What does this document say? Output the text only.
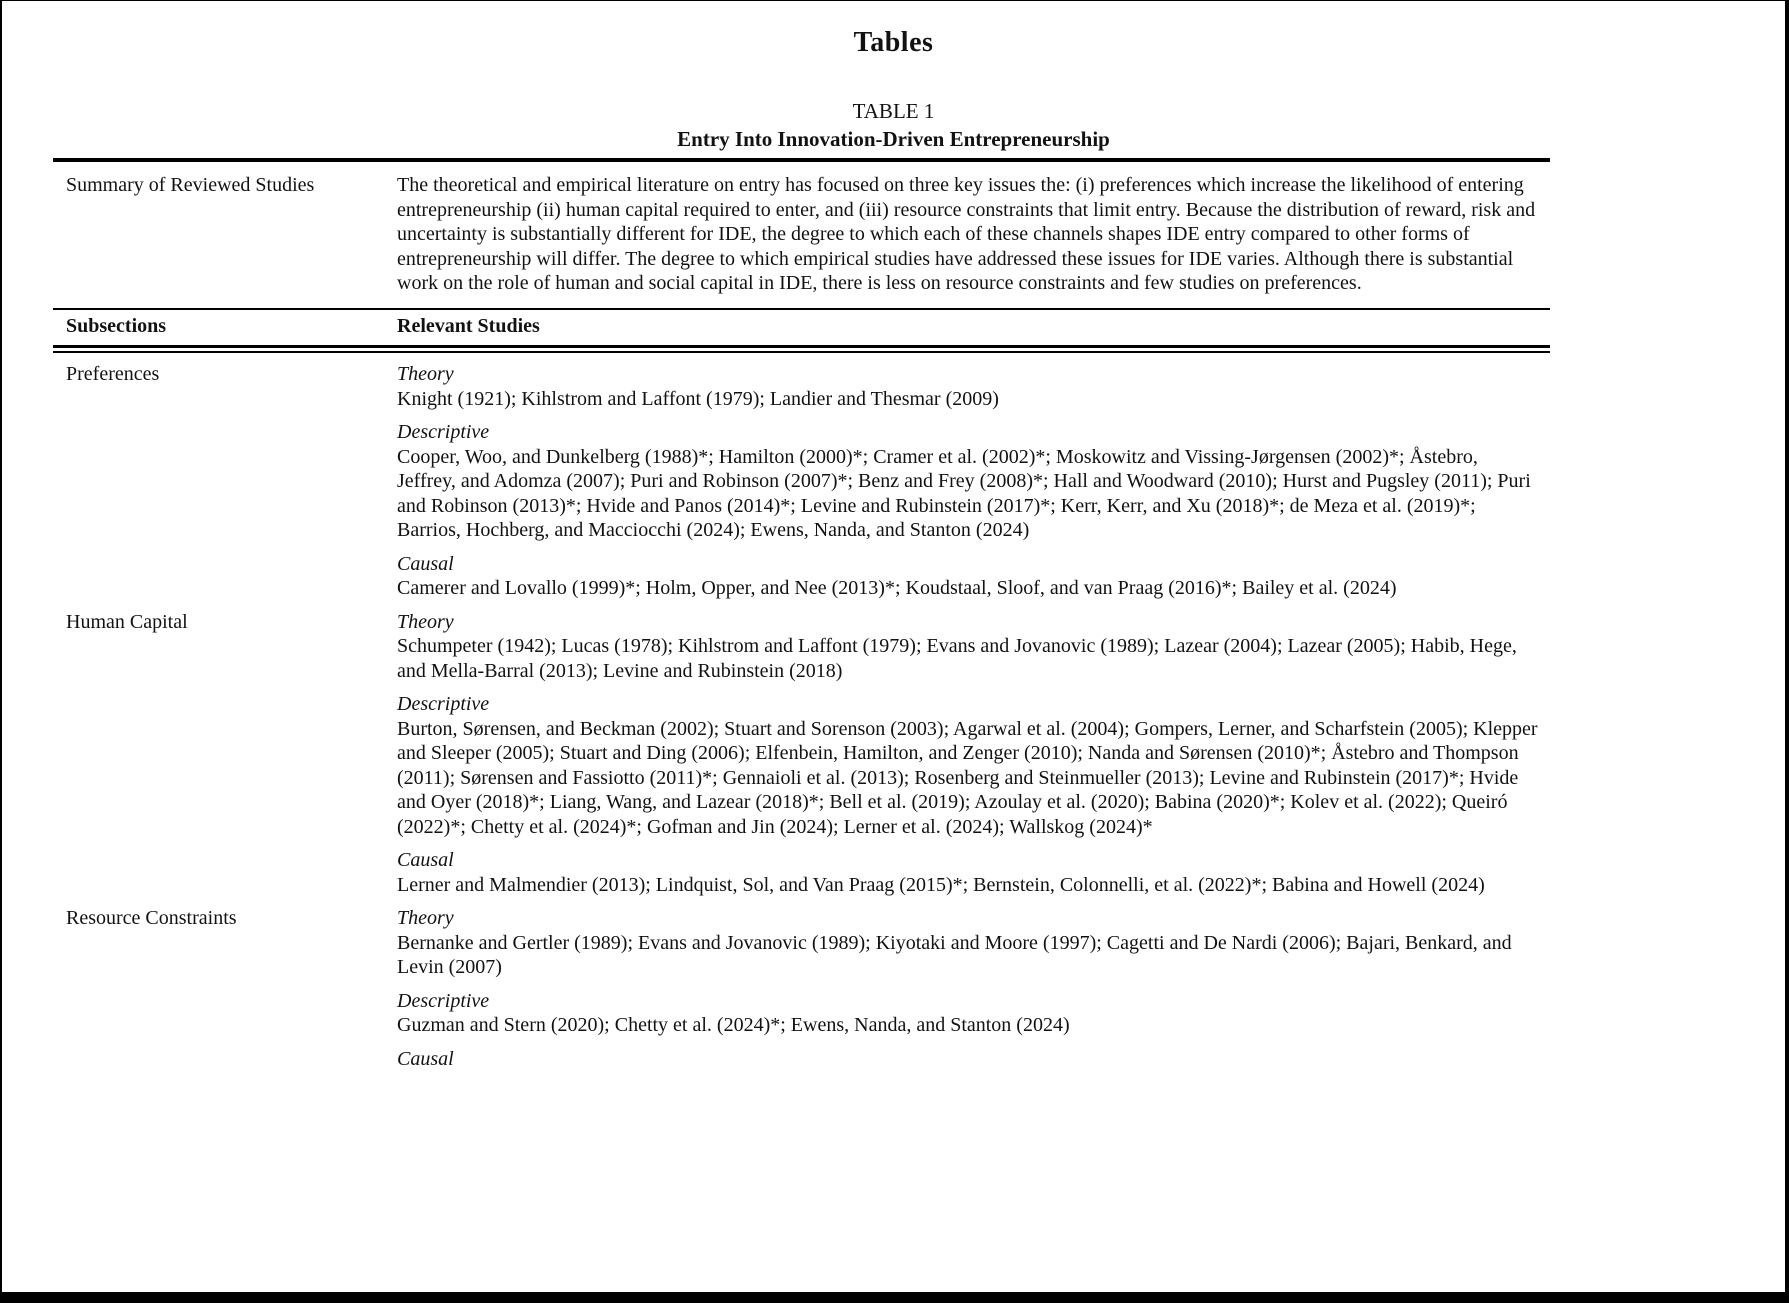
Tables
TABLE 1
Entry Into Innovation-Driven Entrepreneurship
Summary of Reviewed Studies	The theoretical and empirical literature on entry has focused on three key issues the: (i) preferences which increase the likelihood of entering entrepreneurship (ii) human capital required to enter, and (iii) resource constraints that limit entry. Because the distribution of reward, risk and uncertainty is substantially different for IDE, the degree to which each of these channels shapes IDE entry compared to other forms of entrepreneurship will differ. The degree to which empirical studies have addressed these issues for IDE varies. Although there is substantial work on the role of human and social capital in IDE, there is less on resource constraints and few studies on preferences.
Subsections	Relevant Studies
Preferences	Theory
Knight (1921); Kihlstrom and Laffont (1979); Landier and Thesmar (2009)
Descriptive
Cooper, Woo, and Dunkelberg (1988)*; Hamilton (2000)*; Cramer et al. (2002)*; Moskowitz and Vissing-Jørgensen (2002)*; Åstebro, Jeffrey, and Adomza (2007); Puri and Robinson (2007)*; Benz and Frey (2008)*; Hall and Woodward (2010); Hurst and Pugsley (2011); Puri and Robinson (2013)*; Hvide and Panos (2014)*; Levine and Rubinstein (2017)*; Kerr, Kerr, and Xu (2018)*; de Meza et al. (2019)*; Barrios, Hochberg, and Macciocchi (2024); Ewens, Nanda, and Stanton (2024)
Causal
Camerer and Lovallo (1999)*; Holm, Opper, and Nee (2013)*; Koudstaal, Sloof, and van Praag (2016)*; Bailey et al. (2024)
Human Capital	Theory
Schumpeter (1942); Lucas (1978); Kihlstrom and Laffont (1979); Evans and Jovanovic (1989); Lazear (2004); Lazear (2005); Habib, Hege, and Mella-Barral (2013); Levine and Rubinstein (2018)
Descriptive
Burton, Sørensen, and Beckman (2002); Stuart and Sorenson (2003); Agarwal et al. (2004); Gompers, Lerner, and Scharfstein (2005); Klepper and Sleeper (2005); Stuart and Ding (2006); Elfenbein, Hamilton, and Zenger (2010); Nanda and Sørensen (2010)*; Åstebro and Thompson (2011); Sørensen and Fassiotto (2011)*; Gennaioli et al. (2013); Rosenberg and Steinmueller (2013); Levine and Rubinstein (2017)*; Hvide and Oyer (2018)*; Liang, Wang, and Lazear (2018)*; Bell et al. (2019); Azoulay et al. (2020); Babina (2020)*; Kolev et al. (2022); Queiró (2022)*; Chetty et al. (2024)*; Gofman and Jin (2024); Lerner et al. (2024); Wallskog (2024)*
Causal
Lerner and Malmendier (2013); Lindquist, Sol, and Van Praag (2015)*; Bernstein, Colonnelli, et al. (2022)*; Babina and Howell (2024)
Resource Constraints	Theory
Bernanke and Gertler (1989); Evans and Jovanovic (1989); Kiyotaki and Moore (1997); Cagetti and De Nardi (2006); Bajari, Benkard, and Levin (2007)
Descriptive
Guzman and Stern (2020); Chetty et al. (2024)*; Ewens, Nanda, and Stanton (2024)
Causal
